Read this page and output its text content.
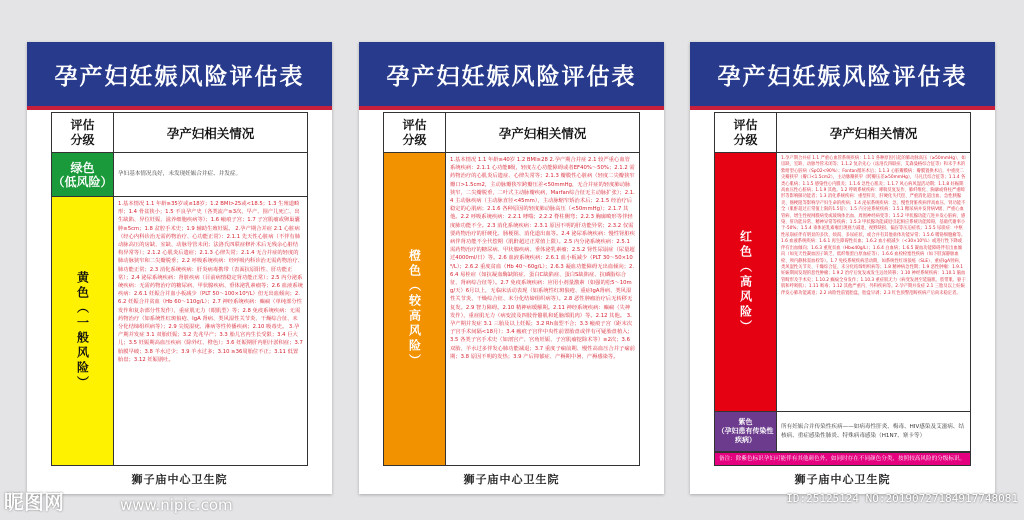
孕产妇妊娠风险评估表
评估
分级	孕产妇相关情况
绿色
（低风险）
孕妇基本情况良好，未发现妊娠合并症、并发症。
黄色（一般风险）
1.基本情况 1.1 年龄≥35岁或≤18岁；1.2 BMI>25或<18.5；1.3 生殖道畸形；1.4 骨盆狭小；1.5 不良孕产史（各类流产≥3次、早产、围产儿死亡、出生缺陷、异位妊娠、滋养细胞疾病等）；1.6 瘢痕子宫；1.7 子宫肌瘤或卵巢囊肿≥5cm；1.8 盆腔手术史；1.9 辅助生殖妊娠。 2.孕产期合并症 2.1 心脏病（经心内科诊治无需药物治疗、心功能正常）：2.1.1 先天性心脏病（不伴有肺动脉高压的房缺、室缺、动脉导管未闭；法洛氏四联症修补术后无残余心脏结构异常等）；2.1.2 心肌炎后遗症；2.1.3 心律失常；2.1.4 无合并症的轻度的肺动脉狭窄和二尖瓣脱垂；2.2 呼吸系统疾病：经呼吸内科诊治无需药物治疗、肺功能正常；2.3 消化系统疾病：肝炎病毒携带（表面抗原阳性、肝功能正常）；2.4 泌尿系统疾病：肾脏疾病（目前病情稳定肾功能正常）；2.5 内分泌系统疾病：无需药物治疗的糖尿病、甲状腺疾病、垂体泌乳素瘤等；2.6 血液系统疾病：2.6.1 妊娠合并血小板减少（PLT 50～100×10⁹/L）但无出血倾向；2.6.2 妊娠合并贫血（Hb 60～110g/L）；2.7 神经系统疾病：癫痫（单纯部分性发作和复杂部分性发作），重症肌无力（眼肌型）等；2.8 免疫系统疾病：无需药物治疗（如系统性红斑狼疮、IgA 肾病、类风湿性关节炎、干燥综合征、未分化结缔组织病等）；2.9 尖锐湿疣、淋病等性传播疾病；2.10 吸毒史。 3.孕产期并发症 3.1 双胎妊娠；3.2 先兆早产；3.3 胎儿宫内生长受限；3.4 巨大儿；3.5 妊娠期高血压疾病（除外红、橙色）；3.6 妊娠期肝内胆汁淤积症；3.7 胎膜早破；3.8 羊水过少；3.9 羊水过多；3.10 ≥36周胎位不正；3.11 低置胎盘；3.12 妊娠剧吐。
狮子庙中心卫生院
孕产妇妊娠风险评估表
评估
分级	孕产妇相关情况
橙色（较高风险）
1.基本情况 1.1 年龄≥40岁 1.2 BMI≥28 2.孕产期合并症 2.1 较严重心血管系统疾病：2.1.1 心功能Ⅱ级，轻度左心功能障碍或者EF40%～50%；2.1.2 需药物治疗的心肌炎后遗症、心律失常等；2.1.3 瓣膜性心脏病（轻度二尖瓣狭窄瓣口>1.5cm2，主动脉瓣狭窄跨瓣压差<50mmHg，无合并症的轻度肺动脉狭窄，二尖瓣脱垂，二叶式主动脉瓣疾病，Marfan综合征无主动脉扩张）；2.1.4 主动脉疾病（主动脉直径<45mm），主动脉缩窄矫治术后；2.1.5 经治疗后稳定的心肌病；2.1.6 各种原因的轻度肺动脉高压（<50mmHg）；2.1.7 其他。2.2 呼吸系统疾病：2.2.1 哮喘；2.2.2 脊柱侧弯；2.2.3 胸廓畸形等伴轻度肺功能不全。2.3 消化系统疾病：2.3.1 原因不明的肝功能异常；2.3.2 仅需要药物治疗的肝硬化、肠梗阻、消化道出血等。2.4 泌尿系统疾病：慢性肾脏疾病伴肾功能不全代偿期（肌酐超过正常值上限）。2.5 内分泌系统疾病：2.5.1 需药物治疗的糖尿病、甲状腺疾病、垂体泌乳素瘤；2.5.2 肾性尿崩症（尿量超过4000ml/日）等。2.6 血液系统疾病：2.6.1 血小板减少（PLT 30～50×10⁹/L）；2.6.2 重度贫血（Hb 40～60g/L）；2.6.3 凝血功能障碍无出血倾向；2.6.4 易栓症（如抗凝血酶缺陷症、蛋白C缺陷症、蛋白S缺陷症、抗磷脂综合征、肾病综合征等）。2.7 免疫系统疾病：应用小剂量激素（如强的松5～10mg/天）6月以上，无临床活动表现（如系统性红斑狼疮、重症IgA肾病、类风湿性关节炎、干燥综合征、未分化结缔组织病等）。2.8 恶性肿瘤治疗后无转移无复发。2.9 智力障碍。2.10 精神病缓解期。2.11 神经系统疾病：癫痫（失神发作），重症肌无力（病变波及四肢骨骼肌和延脑部肌肉）等。2.12 其他。 3.孕产期并发症 3.1 三胎及以上妊娠；3.2 Rh血型不合；3.3 瘢痕子宫（距末次子宫手术间隔<18月）；3.4 瘢痕子宫伴中央性前置胎盘或伴有可疑胎盘植入；3.5 各类子宫手术史（如剖宫产、宫角妊娠、子宫肌瘤挖除术等）≥2次；3.6 双胎、羊水过多伴发心肺功能减退；3.7 重度子痫前期、慢性高血压合并子痫前期；3.8 原因不明的发热；3.9 产后抑郁症、产褥期中暑、产褥感染等。
狮子庙中心卫生院
孕产妇妊娠风险评估表
评估
分级	孕产妇相关情况
红色（高风险）
1.孕产期合并症 1.1 严重心血管系统疾病：1.1.1 各种原因引起的肺动脉高压（≥50mmHg），如房缺、室缺、动脉导管未闭等；1.1.2 复杂先心（法洛氏四联症、艾森曼格综合征等）和未手术的紫绀型心脏病（SpO2<90%）；Fontan循环术后；1.1.3 心脏瓣膜病：瓣膜置换术后，中重度二尖瓣狭窄（瓣口<1.5cm2），主动脉瓣狭窄（跨瓣压差≥50mmHg），马凡氏综合征等；1.1.4 各类心肌病；1.1.5 感染性心内膜炎；1.1.6 急性心肌炎；1.1.7 风心病风湿活动期；1.1.8 妊娠期高血压性心脏病；1.1.9 其他。1.2 呼吸系统疾病：哮喘反复发作、肺纤维化、胸廓或脊柱严重畸形等影响肺功能者；1.3 消化系统疾病：重型肝炎、肝硬化失代偿、严重消化道出血、急性胰腺炎、肠梗阻等影响孕产妇生命的疾病；1.4 泌尿系统疾病：急、慢性肾脏疾病伴高血压、肾功能不全（肌酐超过正常值上限的1.5倍）；1.5 内分泌系统疾病：1.5.1 糖尿病并发肾病V级、严重心血管病、增生性视网膜病变或玻璃体出血、周围神经病变等；1.5.2 甲状腺功能亢进并发心脏病、感染、肝功能异常、精神异常等疾病；1.5.3 甲状腺功能减退引起相应系统功能障碍，基础代谢率小于-50%；1.5.4 垂体泌乳素瘤出现视力减退、视野缺损、偏盲等压迫症状；1.5.5 尿崩症：中枢性尿崩症伴有明显的多饮、烦渴、多尿症状，或合并有其他垂体功能异常；1.5.6 嗜铬细胞瘤等。1.6 血液系统疾病：1.6.1 再生障碍性贫血；1.6.2 血小板减少（<30×10⁹/L）或进行性下降或伴有出血倾向；1.6.3 重度贫血（Hb≤40g/L）；1.6.4 白血病；1.6.5 凝血功能障碍伴有出血倾向（如先天性凝血因子缺乏、低纤维蛋白原血症等）；1.6.6 血栓栓塞性疾病（如下肢深静脉血栓、颅内静脉窦血栓等）。1.7 免疫系统疾病活动期，如系统性红斑狼疮（SLE）、重症IgA肾病、类风湿性关节炎、干燥综合征、未分化结缔组织病等；1.8 精神病急性期；1.9 恶性肿瘤：1.9.1 妊娠期间发现的恶性肿瘤；1.9.2 治疗后复发或发生远处转移；1.10 神经系统疾病：1.10.1 脑血管畸形及手术史；1.10.2 癫痫全身发作；1.10.3 重症肌无力（病变发展至延脑肌、肢带肌、躯干肌和呼吸肌）；1.11 吸毒；1.12 其他严重内、外科疾病等。2.孕产期并发症 2.1 三胎及以上妊娠伴发心肺功能减退；2.2 凶险性前置胎盘，胎盘早剥；2.3 红色预警范畴疾病产后尚未稳定者。
紫色
（孕妇患有传染性疾病）
所有妊娠合并传染性疾病——如病毒性肝炎、梅毒、HIV感染及艾滋病、结核病、重症感染性肺炎、特殊病毒感染（H1N7、寨卡等）
备注：除紫色标识孕妇可能伴有其他颜色外，如同时存在不同颜色分类，按照较高风险的分级标识。
狮子庙中心卫生院
昵图网	www.nipic.com	ID:25125124 NO:20190727184917748081
